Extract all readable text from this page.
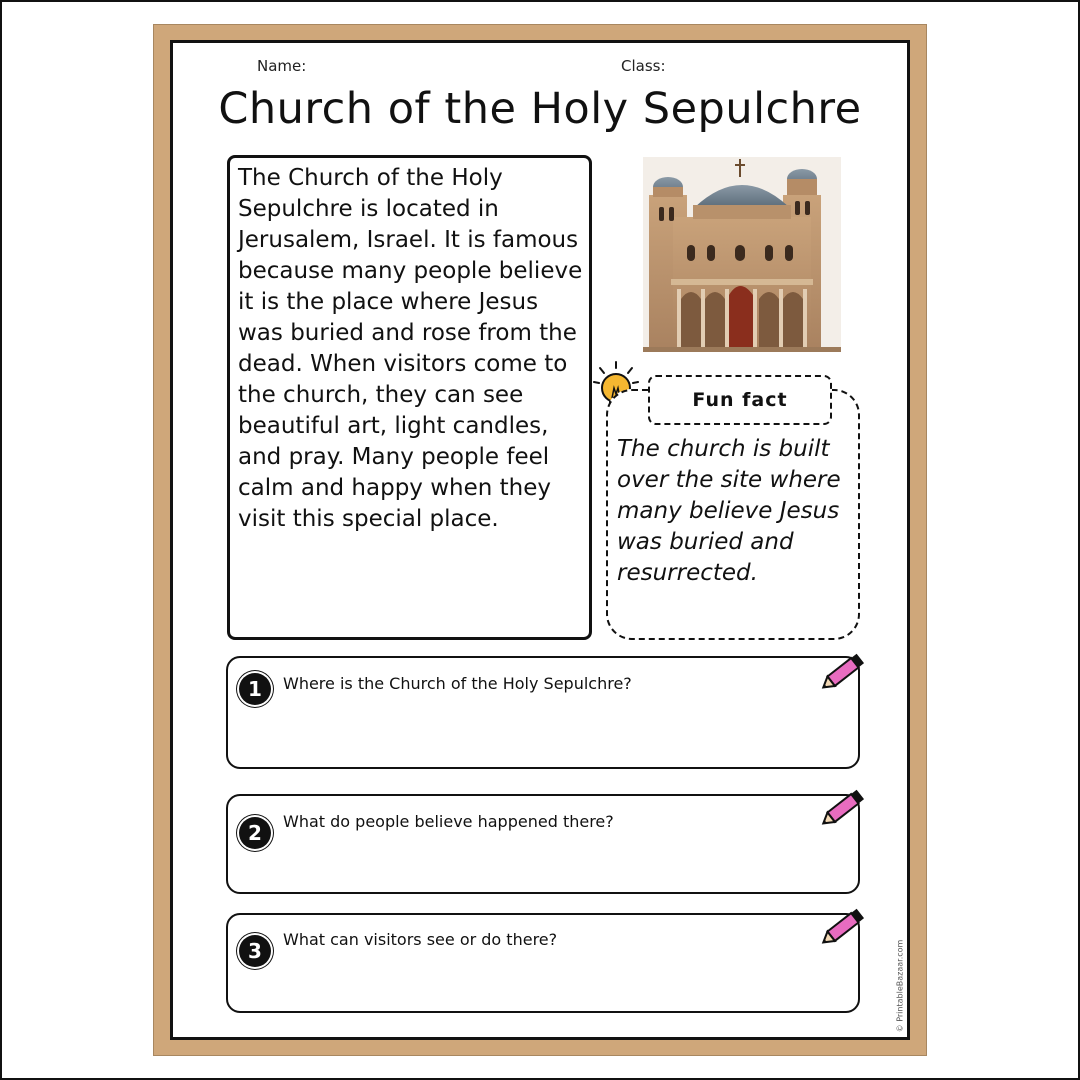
Name:	Class:
Church of the Holy Sepulchre

The Church of the Holy Sepulchre is located in Jerusalem, Israel. It is famous because many people believe it is the place where Jesus was buried and rose from the dead. When visitors come to the church, they can see beautiful art, light candles, and pray. Many people feel calm and happy when they visit this special place.

Fun fact

The church is built over the site where many believe Jesus was buried and resurrected.

1	Where is the Church of the Holy Sepulchre?
2	What do people believe happened there?
3	What can visitors see or do there?
© PrintableBazaar.com
